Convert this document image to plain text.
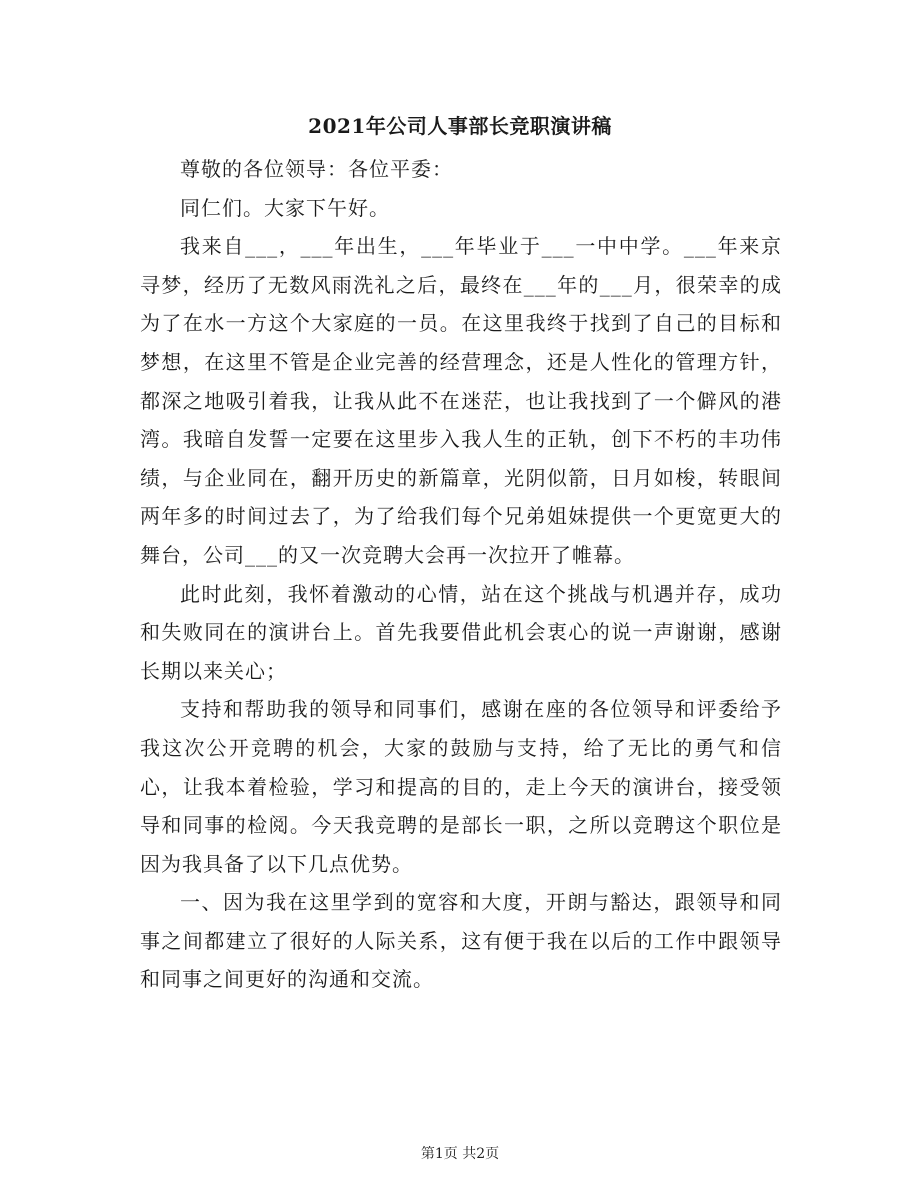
2021年公司人事部长竞职演讲稿

尊敬的各位领导：各位平委：

同仁们。大家下午好。

我来自___，___年出生，___年毕业于___一中中学。___年来京寻梦，经历了无数风雨洗礼之后，最终在___年的___月，很荣幸的成为了在水一方这个大家庭的一员。在这里我终于找到了自己的目标和梦想，在这里不管是企业完善的经营理念，还是人性化的管理方针，都深之地吸引着我，让我从此不在迷茫，也让我找到了一个僻风的港湾。我暗自发誓一定要在这里步入我人生的正轨，创下不朽的丰功伟绩，与企业同在，翻开历史的新篇章，光阴似箭，日月如梭，转眼间两年多的时间过去了，为了给我们每个兄弟姐妹提供一个更宽更大的舞台，公司___的又一次竞聘大会再一次拉开了帷幕。

此时此刻，我怀着激动的心情，站在这个挑战与机遇并存，成功和失败同在的演讲台上。首先我要借此机会衷心的说一声谢谢，感谢长期以来关心；

支持和帮助我的领导和同事们，感谢在座的各位领导和评委给予我这次公开竞聘的机会，大家的鼓励与支持，给了无比的勇气和信心，让我本着检验，学习和提高的目的，走上今天的演讲台，接受领导和同事的检阅。今天我竞聘的是部长一职，之所以竞聘这个职位是因为我具备了以下几点优势。

一、因为我在这里学到的宽容和大度，开朗与豁达，跟领导和同事之间都建立了很好的人际关系，这有便于我在以后的工作中跟领导和同事之间更好的沟通和交流。

第1页 共2页
